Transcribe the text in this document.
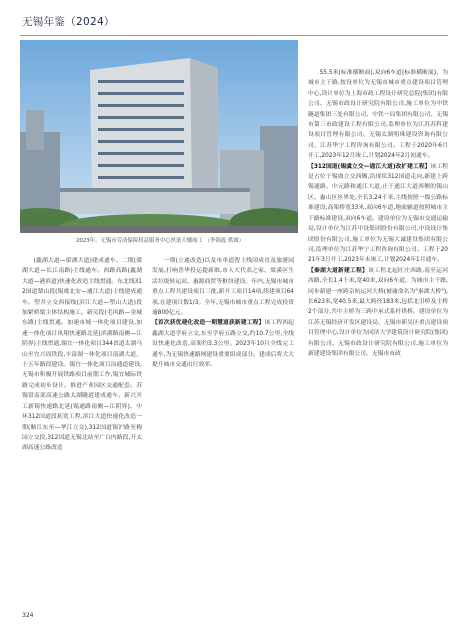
无锡年鉴（2024）
2023年，无锡市劳动保障权益服务中心丝条大楼竣工 （李锦霞 供图）

(鑫湖大道—梁湖大道)建成通车。二期(梁湖大道—长江南路)主线通车。西路高路(鑫湖大道—港滨道)快速化改造主线贯通。东北线312国道梨山段(锡虞北安—通江大道)主线建成通车。塑井立交西接线(滨江大道—塑山大道)段加紧桥梁主体结构施工。新吴段(毛风路—金城东路)主线贯通。加速市域一体化项目建设,加速一体化项目凤翔快速路北延(滨湖路南侧—江阴界)主线贯通,锡宜一体化项目344省道太湖马山至宜兴周铁段,丰富湖一体化项目南湖大道、十五年路段建设。锡宜一体化项目沿通道建设,无锡市积极开展铁路项目前期工作,锡宜城际铁路完成初步设计。推进产业园区交通配套。苏锡常南部高速公路太湖隧道建成通车。新兴开工新锡快速路北延(锡通路南侧—江阴界)、中环312国道段拓宽工程,滨江大道快速化改造一期(顺江东至—华江立交),312国道锡沪路至梅园立交段,312国道无锡北站至广白内路段,开太湖高速公路改造

一期(立通改造)以及市单道智上线国成直及旅游园发展,打响普华投运提新维,市人大代表之家、梁溪区生活垃圾转运站、惠源商贸等枢纽建设。年内,无锡市城市重点工程共建设项目三批,新开工项目14项,续建项目64项,在建项目数1/3。全年,无锡市城市重点工程完成投资逾800亿元。

【首次获优建化改造一期慧道获新建工程】该工程西起鑫湖大道学府立交,东至学府五路立交,约10.7公里,全线设快速化改造,高架约3.3公里。2023年10月全线完工通车,为无锡快速路网建设重要组成部分。建成后将大大提升城市交通出行效率。

55.5米(标准横断面),双向6车道(标准横断面)。为城市主干路,按设单位为无锡市城市重点建设项目管理中心,设计单位为上海市政工程设计研究总院(集团)有限公司、无锡市政设计研究院有限公司,施工单位为中铁隧道集团三处有限公司、中铁一局集团有限公司、无锡市第三市政建设工程有限公司,监理单位为江苏苏科建设项目管理有限公司、无锡太湖明珠建设咨询有限公司、江苏华宁工程咨询有限公司。工程于2020年6月开工,2023年12月竣工,计划2024年2月初通车。

【312国道(锡虞立交—通江大道)改扩建工程】该工程是占位于锡虞立交西侧,沿现状312国道走向,新建上跨锡通路、中元路和通江大道,止于通江大道西侧的锡山区、惠山区区界处,全长3.24千米,主线按照一级公路标准建设,高架桥宽33米,双向6车道,地面辅道按照城市主干路标准建设,双向6车道。建设单位为无锡市交通运输局,设计单位为江苏中设集团股份有限公司,中设设计集团股份有限公司,施工单位为无锡大诚建设集团有限公司,监理单位为江苏华宁工程咨询有限公司。工程于2021年3月开工,2023年末竣工,计划2024年1月通车。

【秦湖大道新建工程】该工程北起旺庄西路,南至运河西路,全长1.4千米,宽40米,双向6车道。为城市主干路,同步新建一座跨京杭运河大桥(被逾命名为"秦湖大桥"),长623米,宽40.5米,最大跨径183米,包括北引桥及主桥2个部分,共中主桥为三跨中承式系杆拱桥。建设单位为江苏无锡经济开发区建设局、无锡市新吴区重点建设项目管理中心,设计单位为同济大学建筑设计研究院(集团)有限公司、无锡市政设计研究院有限公司,施工单位为新建建设集团有限公司、无锡市市政

324
